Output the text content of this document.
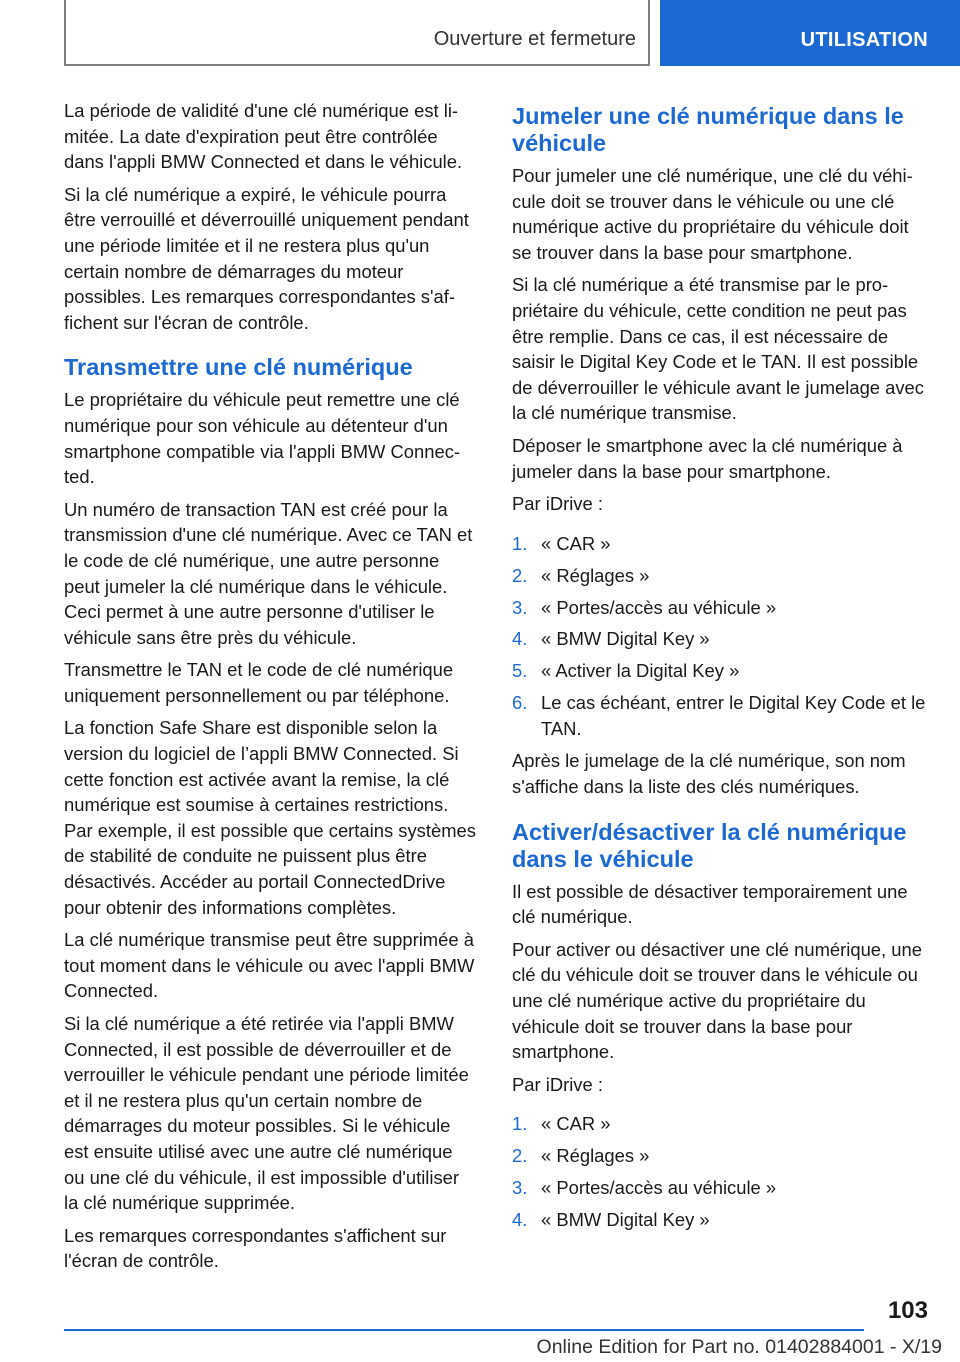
Ouverture et fermeture	UTILISATION

La période de validité d'une clé numérique est limitée. La date d'expiration peut être contrôlée dans l'appli BMW Connected et dans le véhicule.

Si la clé numérique a expiré, le véhicule pourra être verrouillé et déverrouillé uniquement pendant une période limitée et il ne restera plus qu'un certain nombre de démarrages du moteur possibles. Les remarques correspondantes s'affichent sur l'écran de contrôle.

Transmettre une clé numérique

Le propriétaire du véhicule peut remettre une clé numérique pour son véhicule au détenteur d'un smartphone compatible via l'appli BMW Connected.

Un numéro de transaction TAN est créé pour la transmission d'une clé numérique. Avec ce TAN et le code de clé numérique, une autre personne peut jumeler la clé numérique dans le véhicule. Ceci permet à une autre personne d'utiliser le véhicule sans être près du véhicule.

Transmettre le TAN et le code de clé numérique uniquement personnellement ou par téléphone.

La fonction Safe Share est disponible selon la version du logiciel de l’appli BMW Connected. Si cette fonction est activée avant la remise, la clé numérique est soumise à certaines restrictions. Par exemple, il est possible que certains systèmes de stabilité de conduite ne puissent plus être désactivés. Accéder au portail ConnectedDrive pour obtenir des informations complètes.

La clé numérique transmise peut être supprimée à tout moment dans le véhicule ou avec l'appli BMW Connected.

Si la clé numérique a été retirée via l'appli BMW Connected, il est possible de déverrouiller et de verrouiller le véhicule pendant une période limitée et il ne restera plus qu'un certain nombre de démarrages du moteur possibles. Si le véhicule est ensuite utilisé avec une autre clé numérique ou une clé du véhicule, il est impossible d'utiliser la clé numérique supprimée.

Les remarques correspondantes s'affichent sur l'écran de contrôle.

Jumeler une clé numérique dans le véhicule

Pour jumeler une clé numérique, une clé du véhicule doit se trouver dans le véhicule ou une clé numérique active du propriétaire du véhicule doit se trouver dans la base pour smartphone.

Si la clé numérique a été transmise par le propriétaire du véhicule, cette condition ne peut pas être remplie. Dans ce cas, il est nécessaire de saisir le Digital Key Code et le TAN. Il est possible de déverrouiller le véhicule avant le jumelage avec la clé numérique transmise.

Déposer le smartphone avec la clé numérique à jumeler dans la base pour smartphone.

Par iDrive :

1. « CAR »
2. « Réglages »
3. « Portes/accès au véhicule »
4. « BMW Digital Key »
5. « Activer la Digital Key »
6. Le cas échéant, entrer le Digital Key Code et le TAN.

Après le jumelage de la clé numérique, son nom s'affiche dans la liste des clés numériques.

Activer/désactiver la clé numérique dans le véhicule

Il est possible de désactiver temporairement une clé numérique.

Pour activer ou désactiver une clé numérique, une clé du véhicule doit se trouver dans le véhicule ou une clé numérique active du propriétaire du véhicule doit se trouver dans la base pour smartphone.

Par iDrive :

1. « CAR »
2. « Réglages »
3. « Portes/accès au véhicule »
4. « BMW Digital Key »
103
Online Edition for Part no. 01402884001 - X/19
